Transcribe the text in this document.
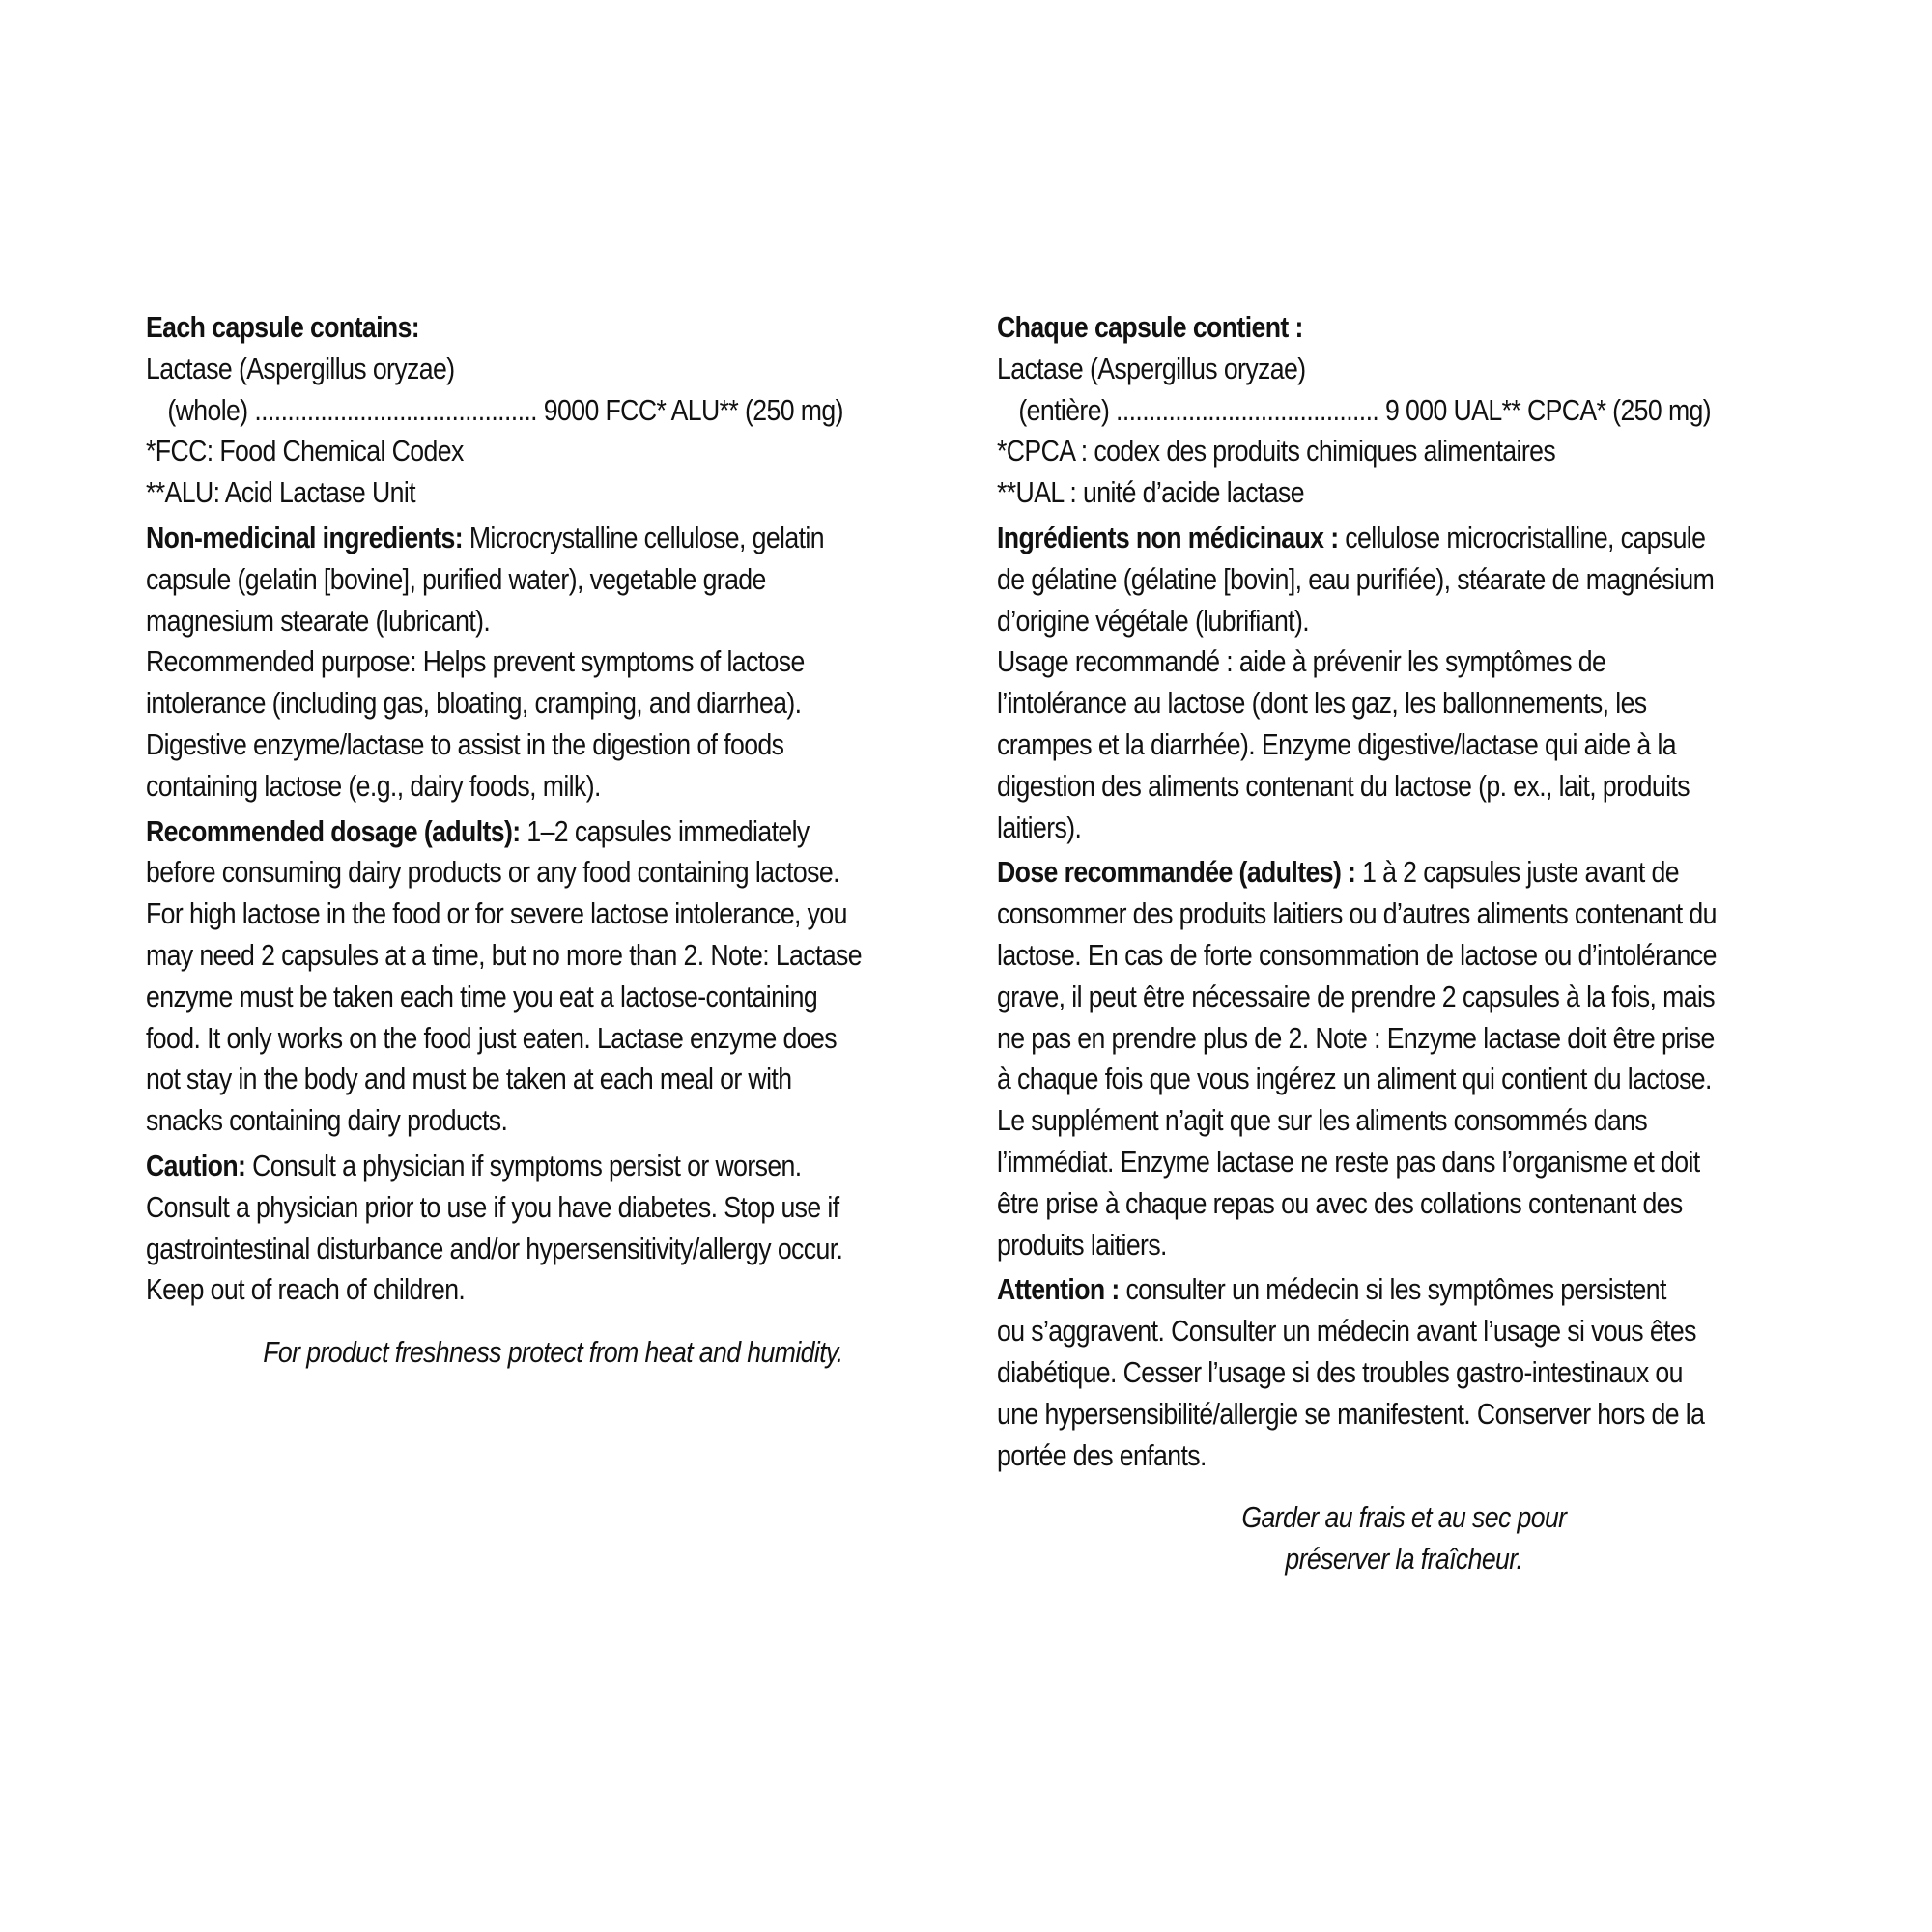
Each capsule contains:
Lactase (Aspergillus oryzae)
(whole) ........................................... 9000 FCC* ALU** (250 mg)
*FCC: Food Chemical Codex
**ALU: Acid Lactase Unit
Non-medicinal ingredients: Microcrystalline cellulose, gelatin
capsule (gelatin [bovine], purified water), vegetable grade
magnesium stearate (lubricant).
Recommended purpose: Helps prevent symptoms of lactose
intolerance (including gas, bloating, cramping, and diarrhea).
Digestive enzyme/lactase to assist in the digestion of foods
containing lactose (e.g., dairy foods, milk).
Recommended dosage (adults): 1–2 capsules immediately
before consuming dairy products or any food containing lactose.
For high lactose in the food or for severe lactose intolerance, you
may need 2 capsules at a time, but no more than 2. Note: Lactase
enzyme must be taken each time you eat a lactose-containing
food. It only works on the food just eaten. Lactase enzyme does
not stay in the body and must be taken at each meal or with
snacks containing dairy products.
Caution: Consult a physician if symptoms persist or worsen.
Consult a physician prior to use if you have diabetes. Stop use if
gastrointestinal disturbance and/or hypersensitivity/allergy occur.
Keep out of reach of children.
For product freshness protect from heat and humidity.
Chaque capsule contient :
Lactase (Aspergillus oryzae)
(entière) ........................................ 9 000 UAL** CPCA* (250 mg)
*CPCA : codex des produits chimiques alimentaires
**UAL : unité d’acide lactase
Ingrédients non médicinaux : cellulose microcristalline, capsule
de gélatine (gélatine [bovin], eau purifiée), stéarate de magnésium
d’origine végétale (lubrifiant).
Usage recommandé : aide à prévenir les symptômes de
l’intolérance au lactose (dont les gaz, les ballonnements, les
crampes et la diarrhée). Enzyme digestive/lactase qui aide à la
digestion des aliments contenant du lactose (p. ex., lait, produits
laitiers).
Dose recommandée (adultes) : 1 à 2 capsules juste avant de
consommer des produits laitiers ou d’autres aliments contenant du
lactose. En cas de forte consommation de lactose ou d’intolérance
grave, il peut être nécessaire de prendre 2 capsules à la fois, mais
ne pas en prendre plus de 2. Note : Enzyme lactase doit être prise
à chaque fois que vous ingérez un aliment qui contient du lactose.
Le supplément n’agit que sur les aliments consommés dans
l’immédiat. Enzyme lactase ne reste pas dans l’organisme et doit
être prise à chaque repas ou avec des collations contenant des
produits laitiers.
Attention : consulter un médecin si les symptômes persistent
ou s’aggravent. Consulter un médecin avant l’usage si vous êtes
diabétique. Cesser l’usage si des troubles gastro-intestinaux ou
une hypersensibilité/allergie se manifestent. Conserver hors de la
portée des enfants.
Garder au frais et au sec pour
préserver la fraîcheur.
